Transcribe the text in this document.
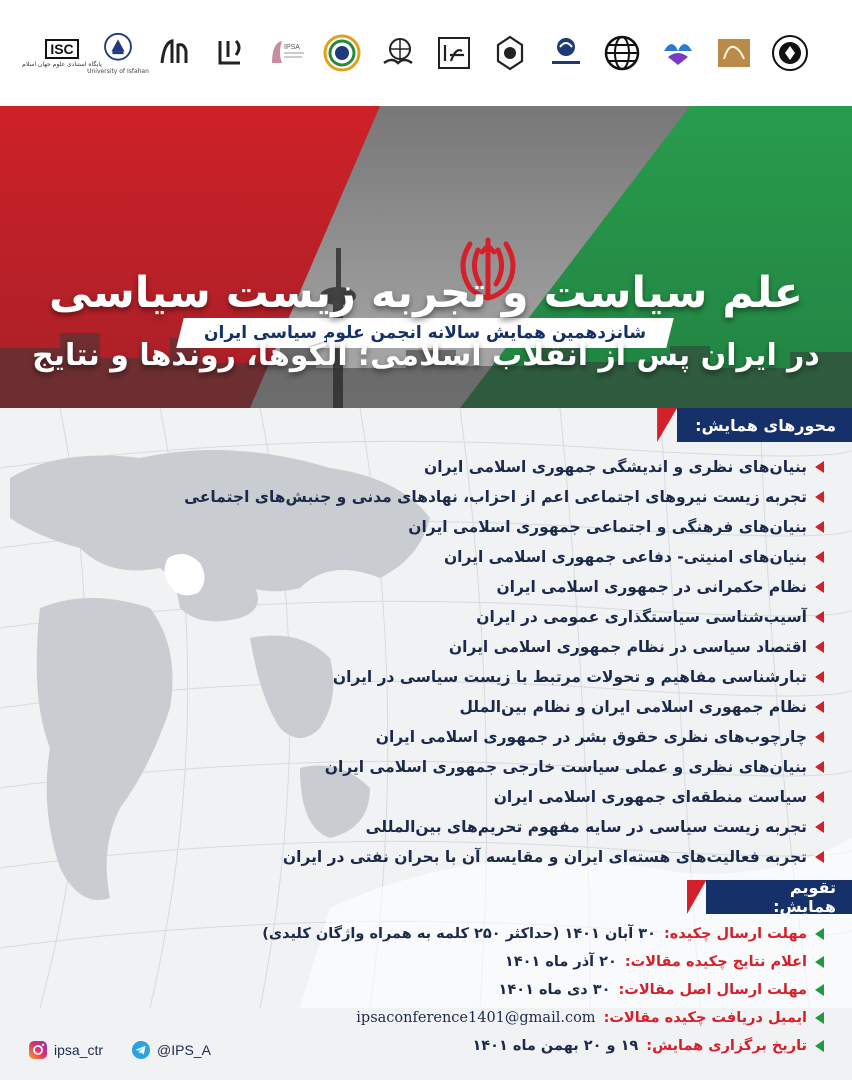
ISC
پایگاه استنادی علوم جهان اسلام
University of Isfahan
IPSA
شانزدهمین همایش سالانه انجمن علوم سیاسی ایران
علم سیاست و تجربه زیست سیاسی
در ایران پس از انقلاب اسلامی؛ الگوها، روندها و نتایج
محورهای همایش:
بنیان‌های نظری و اندیشگی جمهوری اسلامی ایران
تجربه زیست نیروهای اجتماعی اعم از احزاب، نهادهای مدنی و جنبش‌های اجتماعی
بنیان‌های فرهنگی و اجتماعی جمهوری اسلامی ایران
بنیان‌های امنیتی- دفاعی جمهوری اسلامی ایران
نظام حکمرانی در جمهوری اسلامی ایران
آسیب‌شناسی سیاستگذاری عمومی در ایران
اقتصاد سیاسی در نظام جمهوری اسلامی ایران
تبارشناسی مفاهیم و تحولات مرتبط با زیست سیاسی در ایران
نظام جمهوری اسلامی ایران و نظام بین‌الملل
چارچوب‌های نظری حقوق بشر در جمهوری اسلامی ایران
بنیان‌های نظری و عملی سیاست خارجی جمهوری اسلامی ایران
سیاست منطقه‌ای جمهوری اسلامی ایران
تجربه زیست سیاسی در سایه مفهوم تحریم‌های بین‌المللی
تجربه فعالیت‌های هسته‌ای ایران و مقایسه آن با بحران نفتی در ایران
تقویم همایش:
مهلت ارسال چکیده:
۳۰ آبان ۱۴۰۱ (حداکثر ۲۵۰ کلمه به همراه واژگان کلیدی)
اعلام نتایج چکیده مقالات:
۲۰ آذر ماه ۱۴۰۱
مهلت ارسال اصل مقالات:
۳۰ دی ماه ۱۴۰۱
ایمیل دریافت چکیده مقالات:
ipsaconference1401@gmail.com
تاریخ برگزاری همایش:
۱۹ و ۲۰ بهمن ماه ۱۴۰۱
ipsa_ctr	@IPS_A
